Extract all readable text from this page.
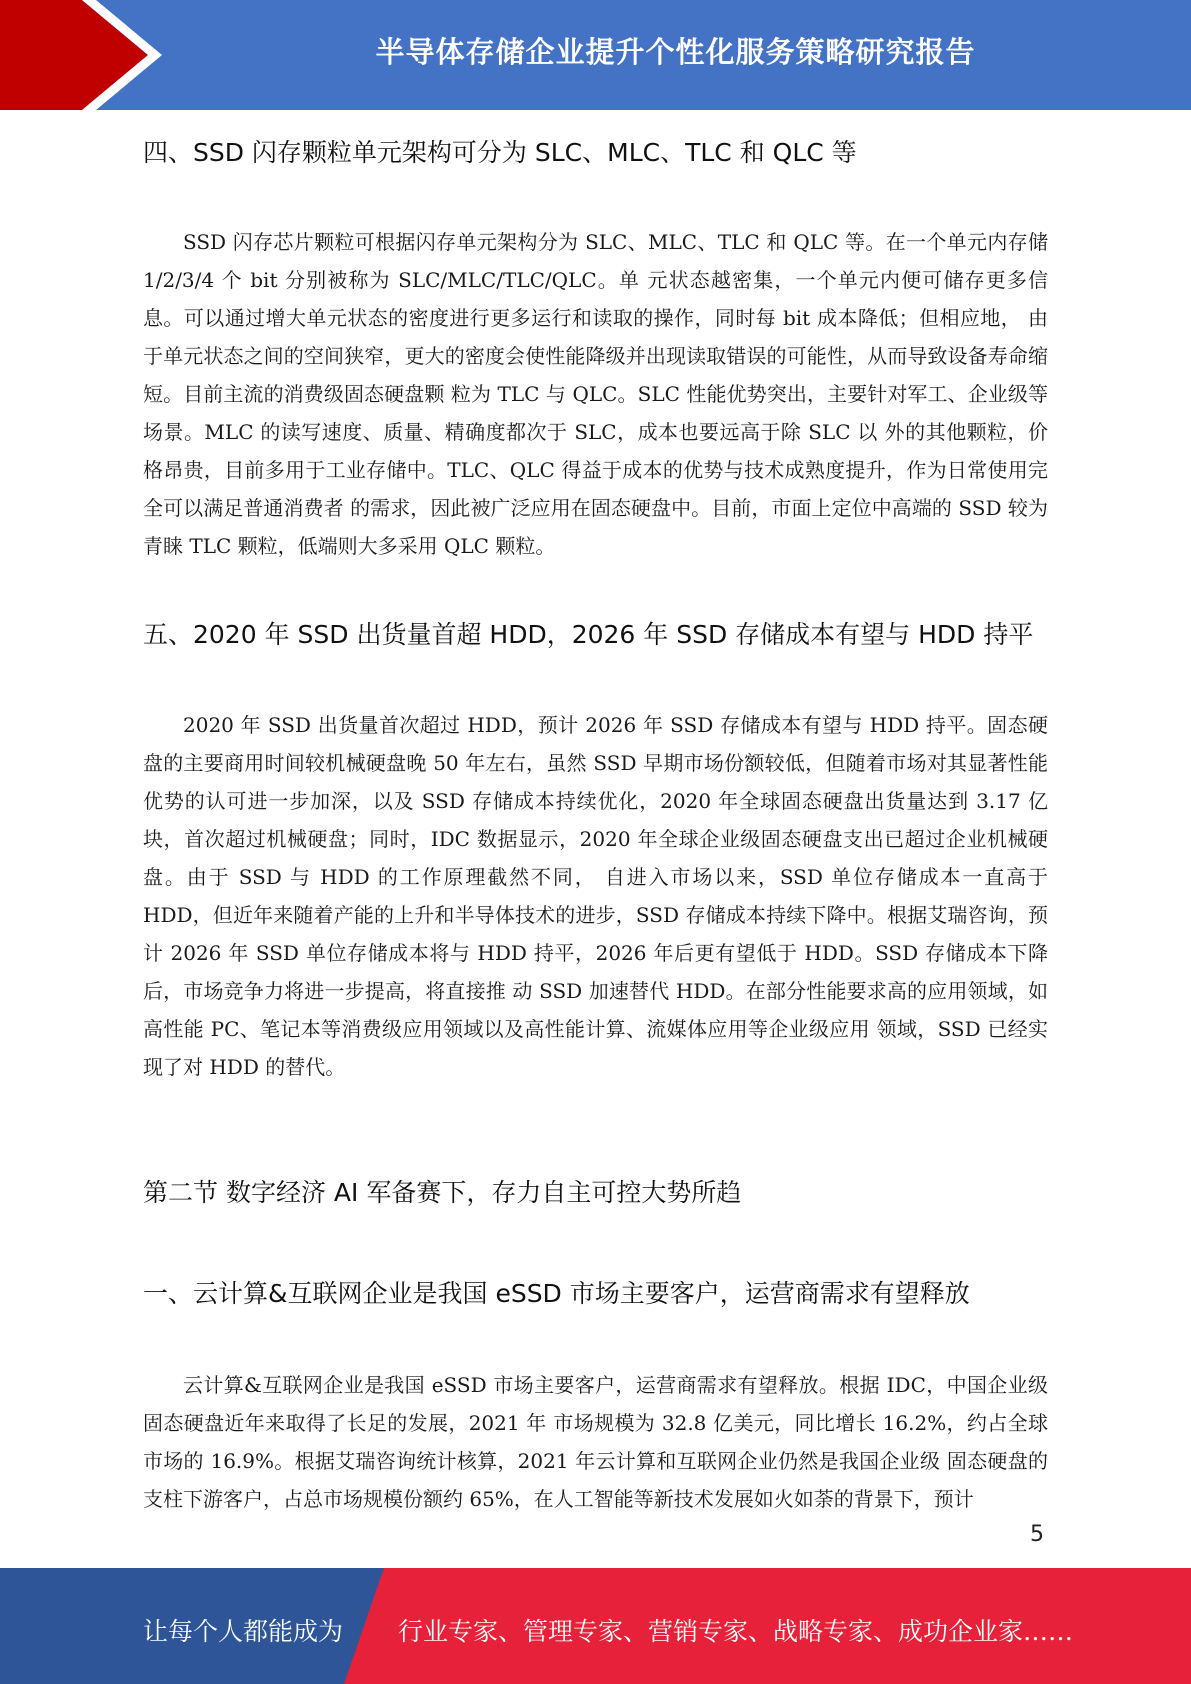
半导体存储企业提升个性化服务策略研究报告
四、SSD 闪存颗粒单元架构可分为 SLC、MLC、TLC 和 QLC 等

SSD 闪存芯片颗粒可根据闪存单元架构分为 SLC、MLC、TLC 和 QLC 等。在一个单元内存储 1/2/3/4 个 bit 分别被称为 SLC/MLC/TLC/QLC。单 元状态越密集，一个单元内便可储存更多信息。可以通过增大单元状态的密度进行更多运行和读取的操作，同时每 bit 成本降低；但相应地， 由于单元状态之间的空间狭窄，更大的密度会使性能降级并出现读取错误的可能性，从而导致设备寿命缩短。目前主流的消费级固态硬盘颗 粒为 TLC 与 QLC。SLC 性能优势突出，主要针对军工、企业级等场景。MLC 的读写速度、质量、精确度都次于 SLC，成本也要远高于除 SLC 以 外的其他颗粒，价格昂贵，目前多用于工业存储中。TLC、QLC 得益于成本的优势与技术成熟度提升，作为日常使用完全可以满足普通消费者 的需求，因此被广泛应用在固态硬盘中。目前，市面上定位中高端的 SSD 较为青睐 TLC 颗粒，低端则大多采用 QLC 颗粒。

五、2020 年 SSD 出货量首超 HDD，2026 年 SSD 存储成本有望与 HDD 持平

2020 年 SSD 出货量首次超过 HDD，预计 2026 年 SSD 存储成本有望与 HDD 持平。固态硬盘的主要商用时间较机械硬盘晚 50 年左右，虽然 SSD 早期市场份额较低，但随着市场对其显著性能优势的认可进一步加深，以及 SSD 存储成本持续优化，2020 年全球固态硬盘出货量达到 3.17 亿块，首次超过机械硬盘；同时，IDC 数据显示，2020 年全球企业级固态硬盘支出已超过企业机械硬盘。由于 SSD 与 HDD 的工作原理截然不同， 自进入市场以来，SSD 单位存储成本一直高于 HDD，但近年来随着产能的上升和半导体技术的进步，SSD 存储成本持续下降中。根据艾瑞咨询，预计 2026 年 SSD 单位存储成本将与 HDD 持平，2026 年后更有望低于 HDD。SSD 存储成本下降后，市场竞争力将进一步提高，将直接推 动 SSD 加速替代 HDD。在部分性能要求高的应用领域，如高性能 PC、笔记本等消费级应用领域以及高性能计算、流媒体应用等企业级应用 领域，SSD 已经实现了对 HDD 的替代。

第二节 数字经济 AI 军备赛下，存力自主可控大势所趋
一、云计算&互联网企业是我国 eSSD 市场主要客户，运营商需求有望释放

云计算&互联网企业是我国 eSSD 市场主要客户，运营商需求有望释放。根据 IDC，中国企业级固态硬盘近年来取得了长足的发展，2021 年 市场规模为 32.8 亿美元，同比增长 16.2%，约占全球市场的 16.9%。根据艾瑞咨询统计核算，2021 年云计算和互联网企业仍然是我国企业级 固态硬盘的支柱下游客户，占总市场规模份额约 65%，在人工智能等新技术发展如火如荼的背景下，预计

5
让每个人都能成为 行业专家、管理专家、营销专家、战略专家、成功企业家……
